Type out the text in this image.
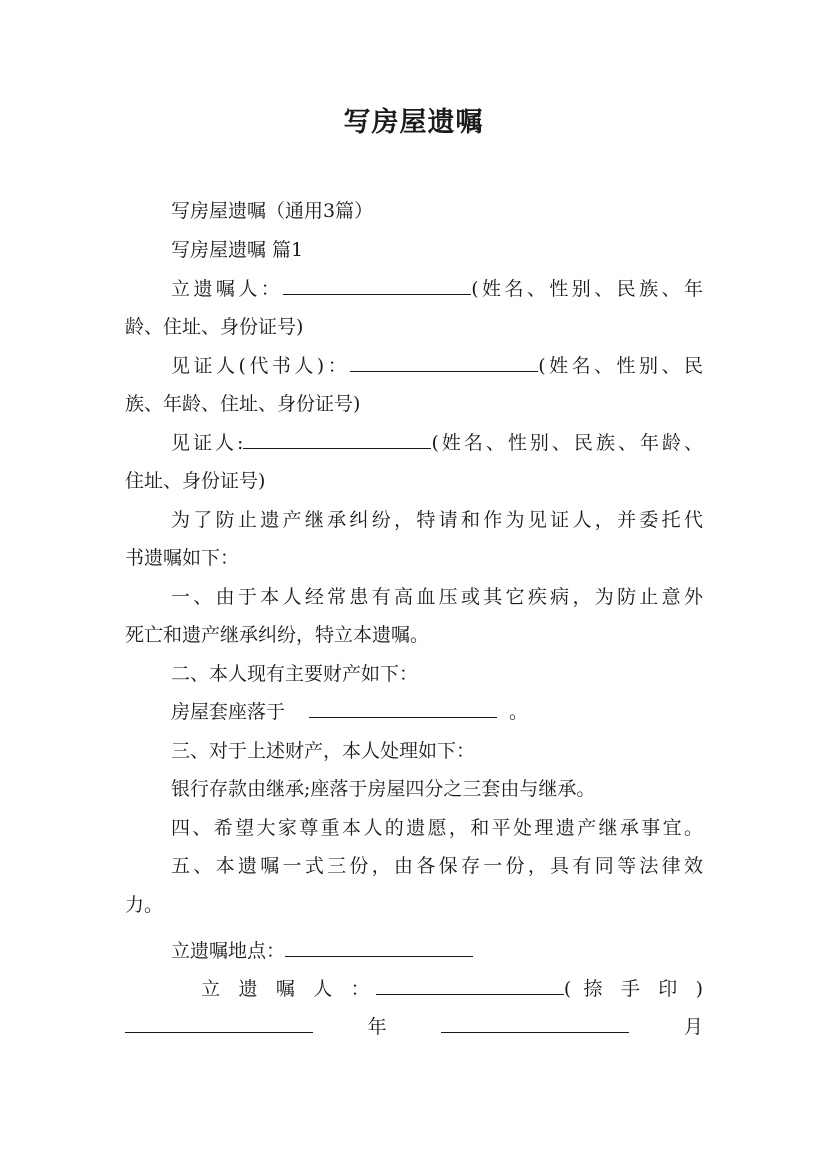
写房屋遗嘱
写房屋遗嘱（通用3篇）
写房屋遗嘱 篇1
立遗嘱人：	(姓名、性别、民族、年
龄、住址、身份证号)
见证人(代书人)：	(姓名、性别、民
族、年龄、住址、身份证号)
见证人:	(姓名、性别、民族、年龄、
住址、身份证号)
为了防止遗产继承纠纷，特请和作为见证人，并委托代
书遗嘱如下：
一、由于本人经常患有高血压或其它疾病，为防止意外
死亡和遗产继承纠纷，特立本遗嘱。
二、本人现有主要财产如下：
房屋套座落于	。
三、对于上述财产，本人处理如下：
银行存款由继承;座落于房屋四分之三套由与继承。
四、希望大家尊重本人的遗愿，和平处理遗产继承事宜。
五、本遗嘱一式三份，由各保存一份，具有同等法律效
力。
立遗嘱地点：
立 遗 嘱 人 ：	( 捺 手 印 )
年	月
